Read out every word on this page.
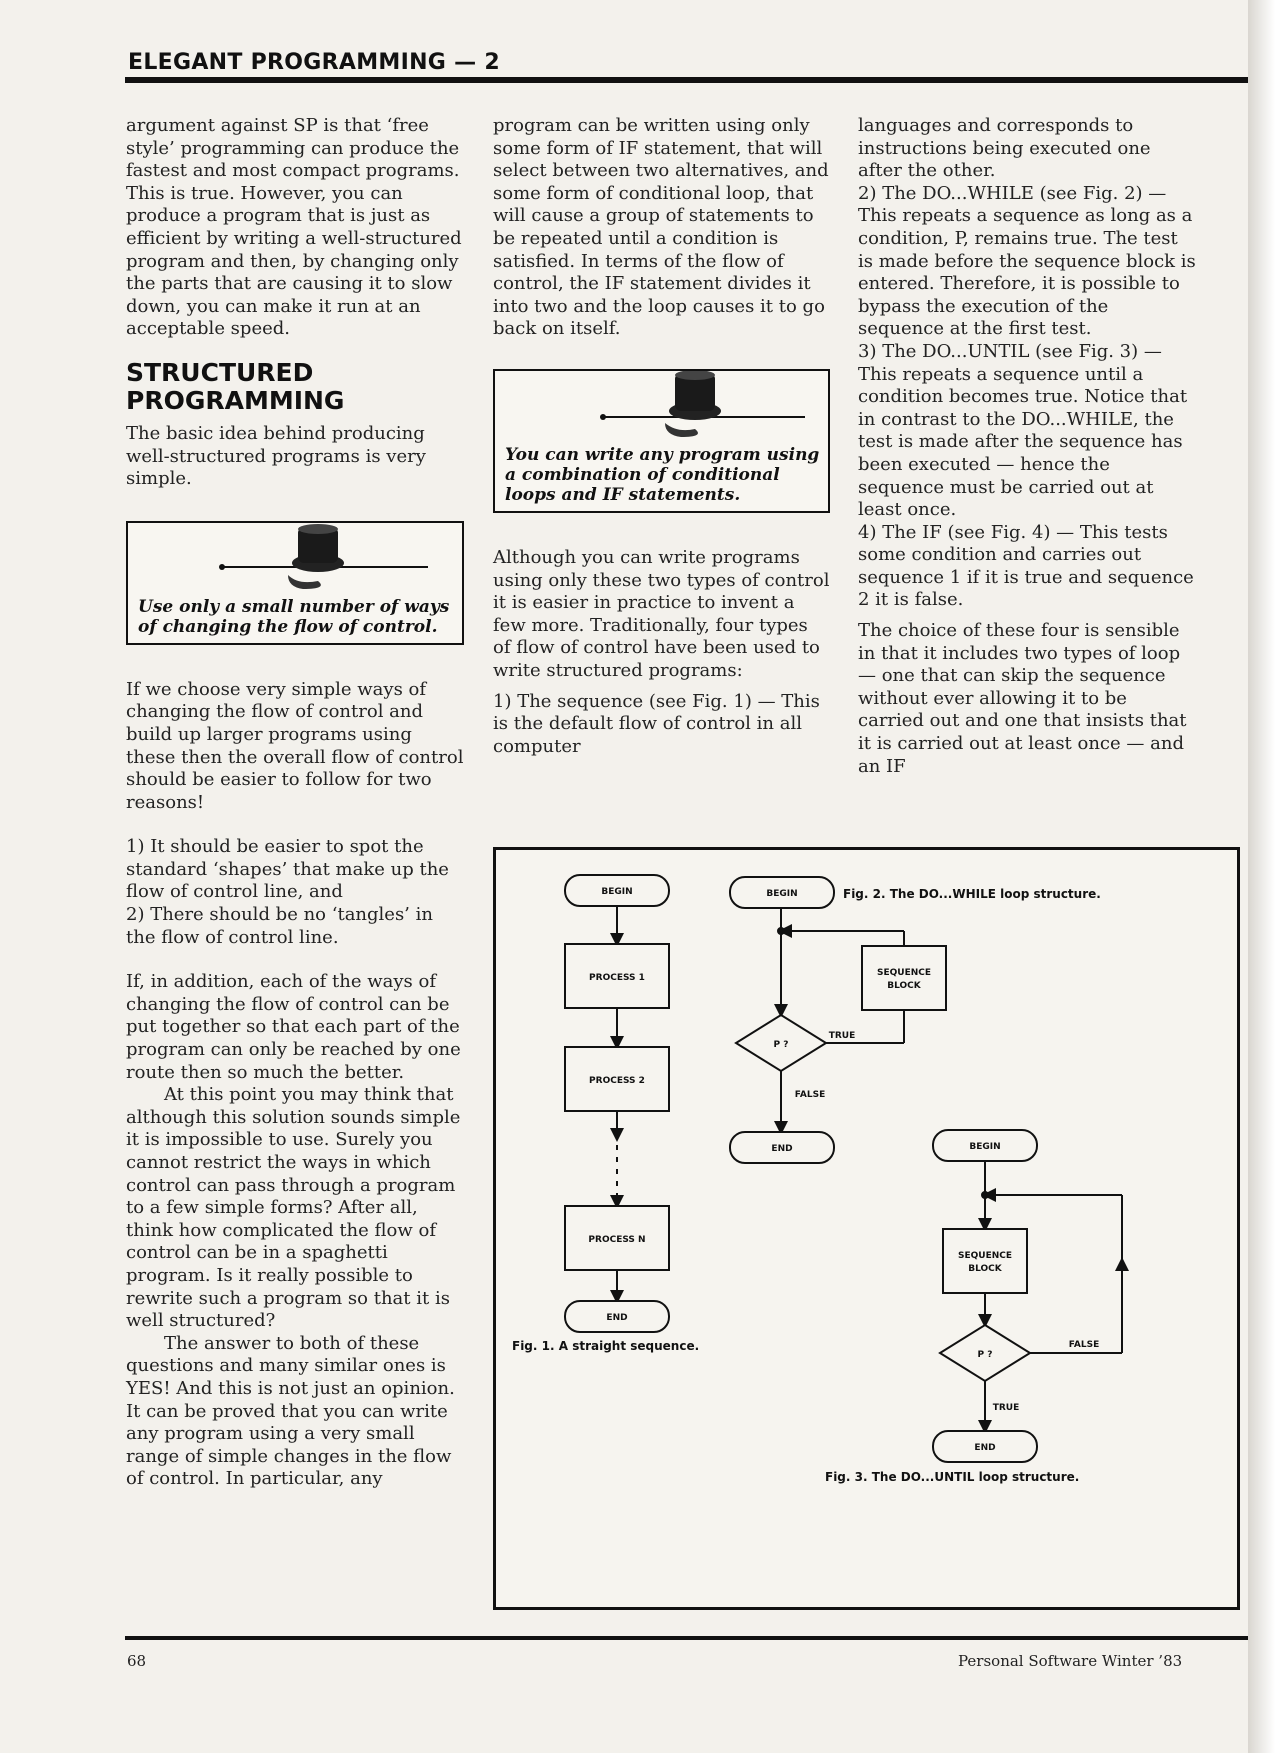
ELEGANT PROGRAMMING — 2

argument against SP is that ‘free style’ programming can produce the fastest and most compact programs. This is true. However, you can produce a program that is just as efficient by writing a well-structured program and then, by changing only the parts that are causing it to slow down, you can make it run at an acceptable speed.

STRUCTURED PROGRAMMING

The basic idea behind producing well-structured programs is very simple.

Use only a small number of ways of changing the flow of control.

If we choose very simple ways of changing the flow of control and build up larger programs using these then the overall flow of control should be easier to follow for two reasons!

1) It should be easier to spot the standard ‘shapes’ that make up the flow of control line, and

2) There should be no ‘tangles’ in the flow of control line.

If, in addition, each of the ways of changing the flow of control can be put together so that each part of the program can only be reached by one route then so much the better.

At this point you may think that although this solution sounds simple it is impossible to use. Surely you cannot restrict the ways in which control can pass through a program to a few simple forms? After all, think how complicated the flow of control can be in a spaghetti program. Is it really possible to rewrite such a program so that it is well structured?

The answer to both of these questions and many similar ones is YES! And this is not just an opinion. It can be proved that you can write any program using a very small range of simple changes in the flow of control. In particular, any

program can be written using only some form of IF statement, that will select between two alternatives, and some form of conditional loop, that will cause a group of statements to be repeated until a condition is satisfied. In terms of the flow of control, the IF statement divides it into two and the loop causes it to go back on itself.

You can write any program using a combination of conditional loops and IF statements.

Although you can write programs using only these two types of control it is easier in practice to invent a few more. Traditionally, four types of flow of control have been used to write structured programs:

1) The sequence (see Fig. 1) — This is the default flow of control in all computer

languages and corresponds to instructions being executed one after the other.

2) The DO...WHILE (see Fig. 2) — This repeats a sequence as long as a condition, P, remains true. The test is made before the sequence block is entered. Therefore, it is possible to bypass the execution of the sequence at the first test.

3) The DO...UNTIL (see Fig. 3) — This repeats a sequence until a condition becomes true. Notice that in contrast to the DO...WHILE, the test is made after the sequence has been executed — hence the sequence must be carried out at least once.

4) The IF (see Fig. 4) — This tests some condition and carries out sequence 1 if it is true and sequence 2 it is false.

The choice of these four is sensible in that it includes two types of loop — one that can skip the sequence without ever allowing it to be carried out and one that insists that it is carried out at least once — and an IF

BEGIN
PROCESS 1
PROCESS 2
PROCESS N
END
BEGIN
SEQUENCE
BLOCK
P ?
TRUE
FALSE
END	BEGIN
SEQUENCE
BLOCK
P ?
FALSE
TRUE
END
Fig. 1. A straight sequence.
Fig. 2. The DO...WHILE loop structure.
Fig. 3. The DO...UNTIL loop structure.
68	Personal Software Winter ’83
